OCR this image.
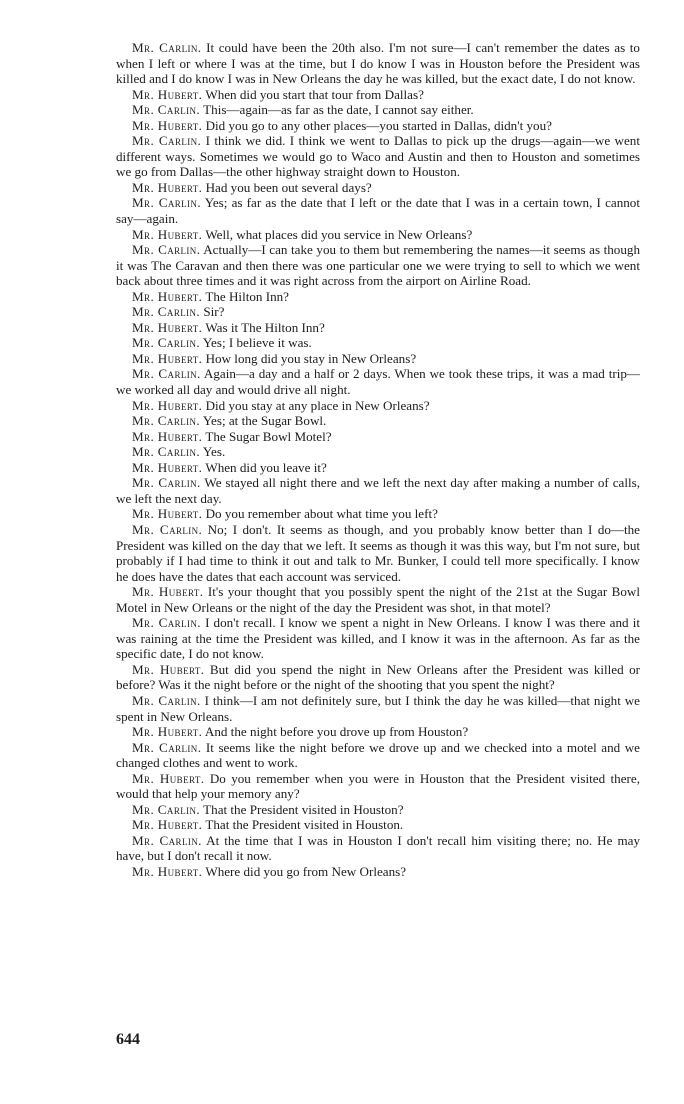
Mr. Carlin. It could have been the 20th also. I'm not sure—I can't remember the dates as to when I left or where I was at the time, but I do know I was in Houston before the President was killed and I do know I was in New Orleans the day he was killed, but the exact date, I do not know.

Mr. Hubert. When did you start that tour from Dallas?

Mr. Carlin. This—again—as far as the date, I cannot say either.

Mr. Hubert. Did you go to any other places—you started in Dallas, didn't you?

Mr. Carlin. I think we did. I think we went to Dallas to pick up the drugs—again—we went different ways. Sometimes we would go to Waco and Austin and then to Houston and sometimes we go from Dallas—the other highway straight down to Houston.

Mr. Hubert. Had you been out several days?

Mr. Carlin. Yes; as far as the date that I left or the date that I was in a certain town, I cannot say—again.

Mr. Hubert. Well, what places did you service in New Orleans?

Mr. Carlin. Actually—I can take you to them but remembering the names—it seems as though it was The Caravan and then there was one particular one we were trying to sell to which we went back about three times and it was right across from the airport on Airline Road.

Mr. Hubert. The Hilton Inn?

Mr. Carlin. Sir?

Mr. Hubert. Was it The Hilton Inn?

Mr. Carlin. Yes; I believe it was.

Mr. Hubert. How long did you stay in New Orleans?

Mr. Carlin. Again—a day and a half or 2 days. When we took these trips, it was a mad trip—we worked all day and would drive all night.

Mr. Hubert. Did you stay at any place in New Orleans?

Mr. Carlin. Yes; at the Sugar Bowl.

Mr. Hubert. The Sugar Bowl Motel?

Mr. Carlin. Yes.

Mr. Hubert. When did you leave it?

Mr. Carlin. We stayed all night there and we left the next day after making a number of calls, we left the next day.

Mr. Hubert. Do you remember about what time you left?

Mr. Carlin. No; I don't. It seems as though, and you probably know better than I do—the President was killed on the day that we left. It seems as though it was this way, but I'm not sure, but probably if I had time to think it out and talk to Mr. Bunker, I could tell more specifically. I know he does have the dates that each account was serviced.

Mr. Hubert. It's your thought that you possibly spent the night of the 21st at the Sugar Bowl Motel in New Orleans or the night of the day the President was shot, in that motel?

Mr. Carlin. I don't recall. I know we spent a night in New Orleans. I know I was there and it was raining at the time the President was killed, and I know it was in the afternoon. As far as the specific date, I do not know.

Mr. Hubert. But did you spend the night in New Orleans after the President was killed or before? Was it the night before or the night of the shooting that you spent the night?

Mr. Carlin. I think—I am not definitely sure, but I think the day he was killed—that night we spent in New Orleans.

Mr. Hubert. And the night before you drove up from Houston?

Mr. Carlin. It seems like the night before we drove up and we checked into a motel and we changed clothes and went to work.

Mr. Hubert. Do you remember when you were in Houston that the President visited there, would that help your memory any?

Mr. Carlin. That the President visited in Houston?

Mr. Hubert. That the President visited in Houston.

Mr. Carlin. At the time that I was in Houston I don't recall him visiting there; no. He may have, but I don't recall it now.

Mr. Hubert. Where did you go from New Orleans?

644
